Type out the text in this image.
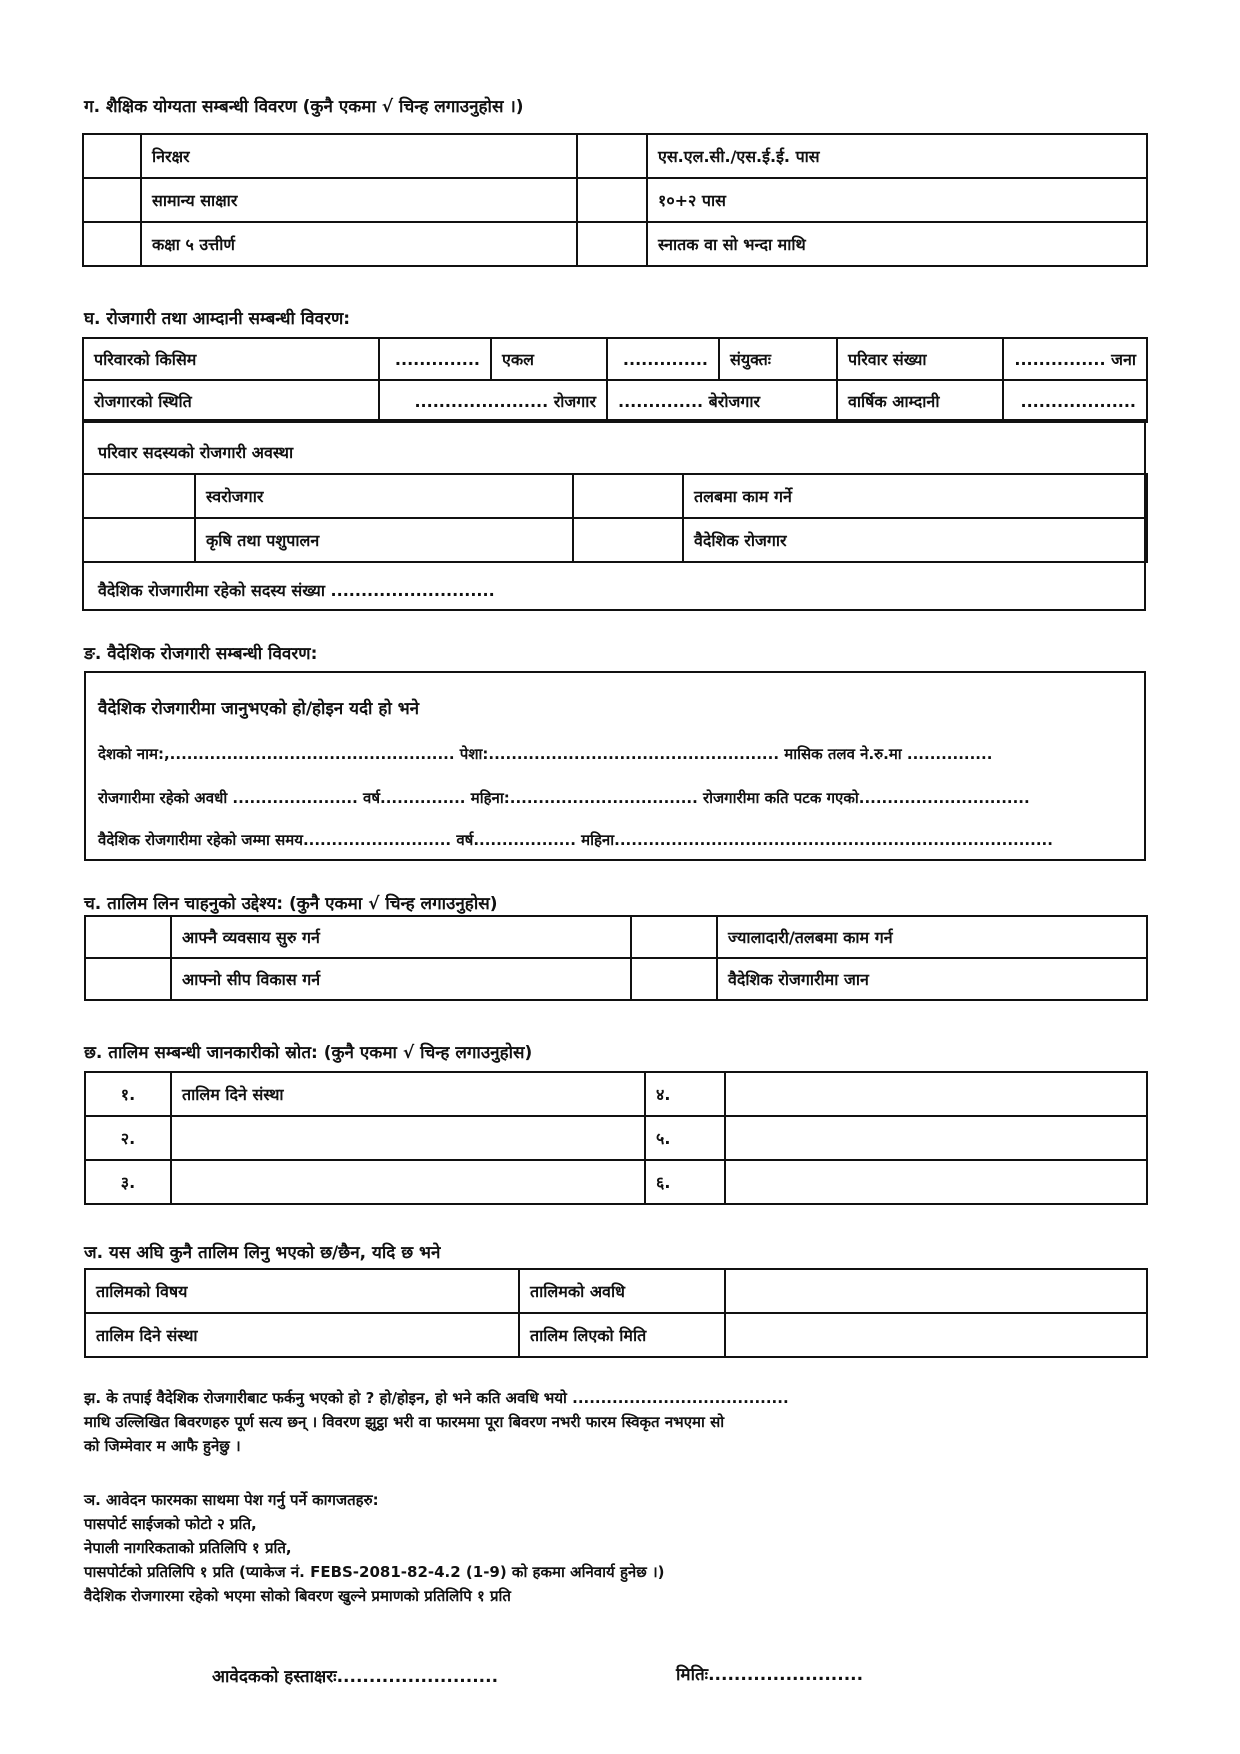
ग. शैक्षिक योग्यता सम्बन्धी विवरण (कुनै एकमा √ चिन्ह लगाउनुहोस ।)
	निरक्षर		एस.एल.सी./एस.ई.ई. पास
	सामान्य साक्षार		१०+२ पास
	कक्षा ५ उत्तीर्ण		स्नातक वा सो भन्दा माथि
घ. रोजगारी तथा आम्दानी सम्बन्धी विवरण:
परिवारको किसिम	..............	एकल	..............	संयुक्तः	परिवार संख्या	............... जना
रोजगारको स्थिति	...................... रोजगार		.............. बेरोजगार		वार्षिक आम्दानी	...................
परिवार सदस्यको रोजगारी अवस्था
	स्वरोजगार		तलबमा काम गर्ने
	कृषि तथा पशुपालन		वैदेशिक रोजगार
वैदेशिक रोजगारीमा रहेको सदस्य संख्या ...........................
ङ. वैदेशिक रोजगारी सम्बन्धी विवरण:
वैदेशिक रोजगारीमा जानुभएको हो/होइन यदी हो भने
देशको नाम:,.................................................. पेशा:................................................... मासिक तलव ने.रु.मा ...............
रोजगारीमा रहेको अवधी ...................... वर्ष............... महिना:................................. रोजगारीमा कति पटक गएको..............................
वैदेशिक रोजगारीमा रहेको जम्मा समय.......................... वर्ष.................. महिना.............................................................................
च. तालिम लिन चाहनुको उद्देश्य: (कुनै एकमा √ चिन्ह लगाउनुहोस)
	आफ्नै व्यवसाय सुरु गर्न		ज्यालादारी/तलबमा काम गर्न
	आफ्नो सीप विकास गर्न		वैदेशिक रोजगारीमा जान
छ. तालिम सम्बन्धी जानकारीको स्रोत: (कुनै एकमा √ चिन्ह लगाउनुहोस)
१.	तालिम दिने संस्था	४.	
२.		५.	
३.		६.	
ज. यस अघि कुनै तालिम लिनु भएको छ/छैन, यदि छ भने
तालिमको विषय	तालिमको अवधि	
तालिम दिने संस्था	तालिम लिएको मिति	
झ. के तपाई वैदेशिक रोजगारीबाट फर्कनु भएको हो ? हो/होइन, हो भने कति अवधि भयो ......................................
माथि उल्लिखित बिवरणहरु पूर्ण सत्य छन् । विवरण झुट्ठा भरी वा फारममा पूरा बिवरण नभरी फारम स्विकृत नभएमा सो
को जिम्मेवार म आफै हुनेछु ।
ञ. आवेदन फारमका साथमा पेश गर्नु पर्ने कागजतहरु:
पासपोर्ट साईजको फोटो २ प्रति,
नेपाली नागरिकताको प्रतिलिपि १ प्रति,
पासपोर्टको प्रतिलिपि १ प्रति (प्याकेज नं. FEBS-2081-82-4.2 (1-9) को हकमा अनिवार्य हुनेछ ।)
वैदेशिक रोजगारमा रहेको भएमा सोको बिवरण खुल्ने प्रमाणको प्रतिलिपि १ प्रति
आवेदकको हस्ताक्षरः.........................	मितिः........................
